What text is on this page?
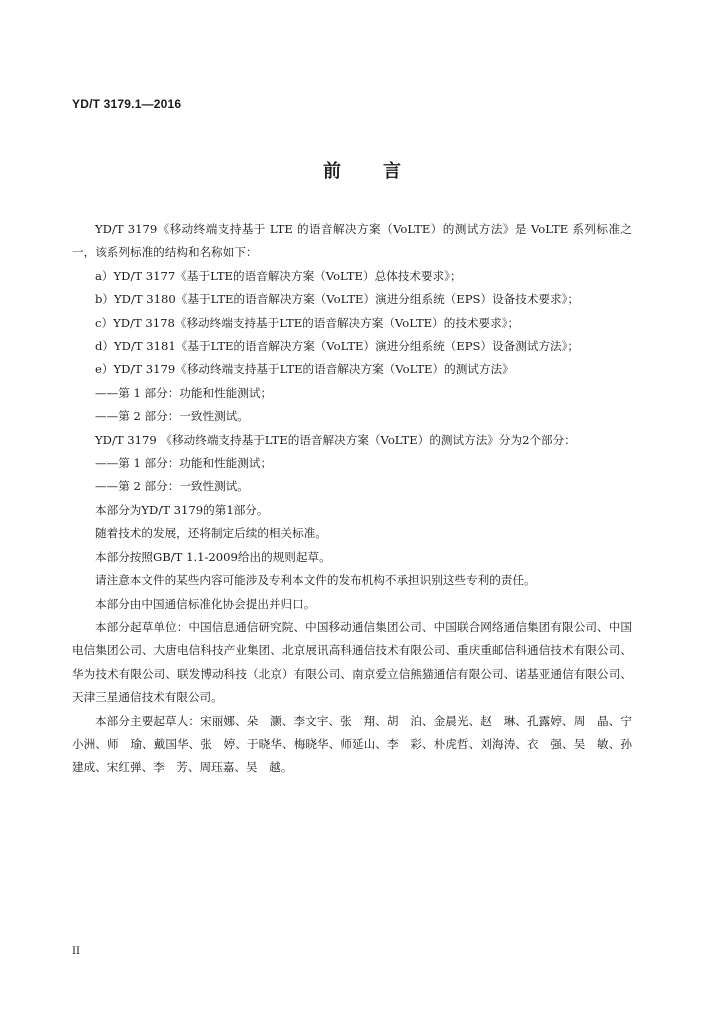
YD/T 3179.1—2016
前言

YD/T 3179《移动终端支持基于 LTE 的语音解决方案（VoLTE）的测试方法》是 VoLTE 系列标准之一，该系列标准的结构和名称如下：

a）YD/T 3177《基于LTE的语音解决方案（VoLTE）总体技术要求》；

b）YD/T 3180《基于LTE的语音解决方案（VoLTE）演进分组系统（EPS）设备技术要求》；

c）YD/T 3178《移动终端支持基于LTE的语音解决方案（VoLTE）的技术要求》；

d）YD/T 3181《基于LTE的语音解决方案（VoLTE）演进分组系统（EPS）设备测试方法》；

e）YD/T 3179《移动终端支持基于LTE的语音解决方案（VoLTE）的测试方法》

——第 1 部分：功能和性能测试；

——第 2 部分：一致性测试。

YD/T 3179 《移动终端支持基于LTE的语音解决方案（VoLTE）的测试方法》分为2个部分：

——第 1 部分：功能和性能测试；

——第 2 部分：一致性测试。

本部分为YD/T 3179的第1部分。

随着技术的发展，还将制定后续的相关标准。

本部分按照GB/T 1.1-2009给出的规则起草。

请注意本文件的某些内容可能涉及专利本文件的发布机构不承担识别这些专利的责任。

本部分由中国通信标准化协会提出并归口。

本部分起草单位：中国信息通信研究院、中国移动通信集团公司、中国联合网络通信集团有限公司、中国电信集团公司、大唐电信科技产业集团、北京展讯高科通信技术有限公司、重庆重邮信科通信技术有限公司、华为技术有限公司、联发博动科技（北京）有限公司、南京爱立信熊猫通信有限公司、诺基亚通信有限公司、天津三星通信技术有限公司。

本部分主要起草人：宋丽娜、朵　灏、李文宇、张　翔、胡　泊、金晨光、赵　琳、孔露婷、周　晶、宁小洲、师　瑜、戴国华、张　婷、于晓华、梅晓华、师延山、李　彩、朴虎哲、刘海涛、衣　强、吴　敏、孙建成、宋红弹、李　芳、周珏嘉、吴　越。

II
